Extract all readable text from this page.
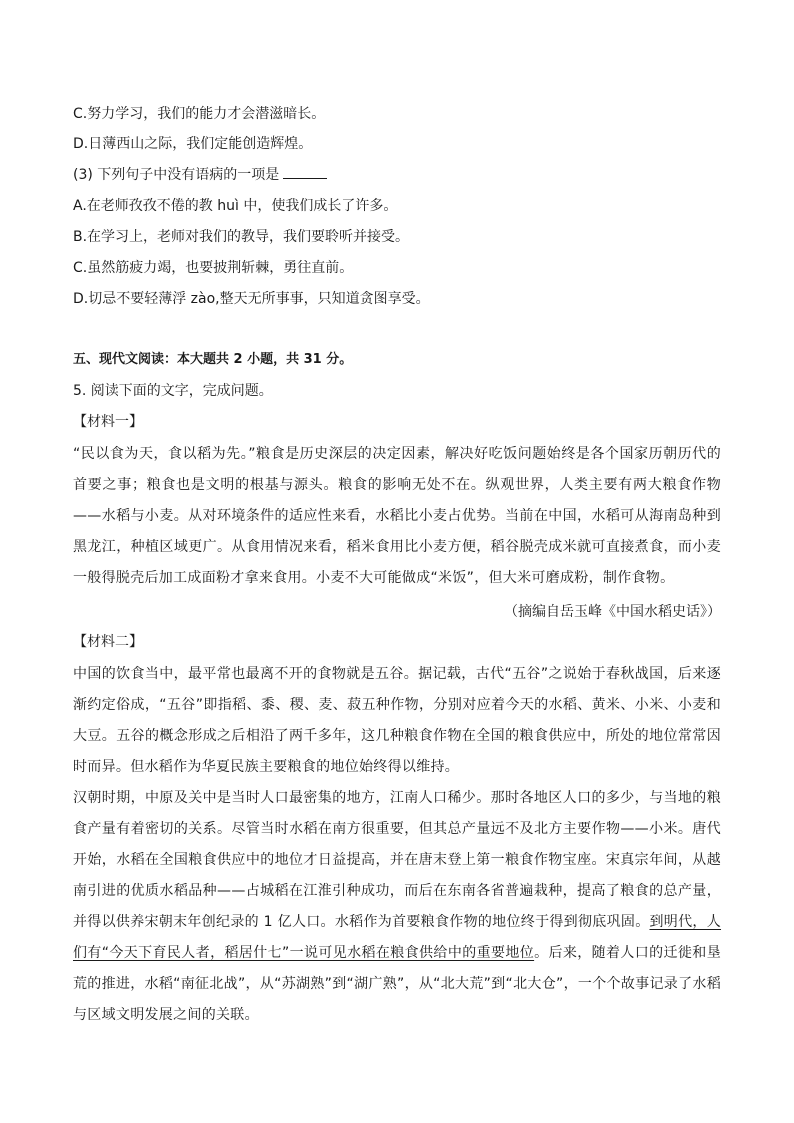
C.努力学习，我们的能力才会潜滋暗长。
D.日薄西山之际，我们定能创造辉煌。
(3) 下列句子中没有语病的一项是
A.在老师孜孜不倦的教 huì 中，使我们成长了许多。
B.在学习上，老师对我们的教导，我们要聆听并接受。
C.虽然筋疲力竭，也要披荆斩棘，勇往直前。
D.切忌不要轻薄浮 zào,整天无所事事，只知道贪图享受。
五、现代文阅读：本大题共 2 小题，共 31 分。
5. 阅读下面的文字，完成问题。
【材料一】
“民以食为天，食以稻为先。”粮食是历史深层的决定因素，解决好吃饭问题始终是各个国家历朝历代的首要之事；粮食也是文明的根基与源头。粮食的影响无处不在。纵观世界，人类主要有两大粮食作物——水稻与小麦。从对环境条件的适应性来看，水稻比小麦占优势。当前在中国，水稻可从海南岛种到黑龙江，种植区域更广。从食用情况来看，稻米食用比小麦方便，稻谷脱壳成米就可直接煮食，而小麦一般得脱壳后加工成面粉才拿来食用。小麦不大可能做成“米饭”，但大米可磨成粉，制作食物。
（摘编自岳玉峰《中国水稻史话》）
【材料二】
中国的饮食当中，最平常也最离不开的食物就是五谷。据记载，古代“五谷”之说始于春秋战国，后来逐渐约定俗成，“五谷”即指稻、黍、稷、麦、菽五种作物，分别对应着今天的水稻、黄米、小米、小麦和大豆。五谷的概念形成之后相沿了两千多年，这几种粮食作物在全国的粮食供应中，所处的地位常常因时而异。但水稻作为华夏民族主要粮食的地位始终得以维持。
汉朝时期，中原及关中是当时人口最密集的地方，江南人口稀少。那时各地区人口的多少，与当地的粮食产量有着密切的关系。尽管当时水稻在南方很重要，但其总产量远不及北方主要作物——小米。唐代开始，水稻在全国粮食供应中的地位才日益提高，并在唐末登上第一粮食作物宝座。宋真宗年间，从越南引进的优质水稻品种——占城稻在江淮引种成功，而后在东南各省普遍栽种，提高了粮食的总产量，并得以供养宋朝末年创纪录的 1 亿人口。水稻作为首要粮食作物的地位终于得到彻底巩固。到明代，人们有“今天下育民人者，稻居什七”一说可见水稻在粮食供给中的重要地位。后来，随着人口的迁徙和垦荒的推进，水稻“南征北战”，从“苏湖熟”到“湖广熟”，从“北大荒”到“北大仓”，一个个故事记录了水稻与区域文明发展之间的关联。
